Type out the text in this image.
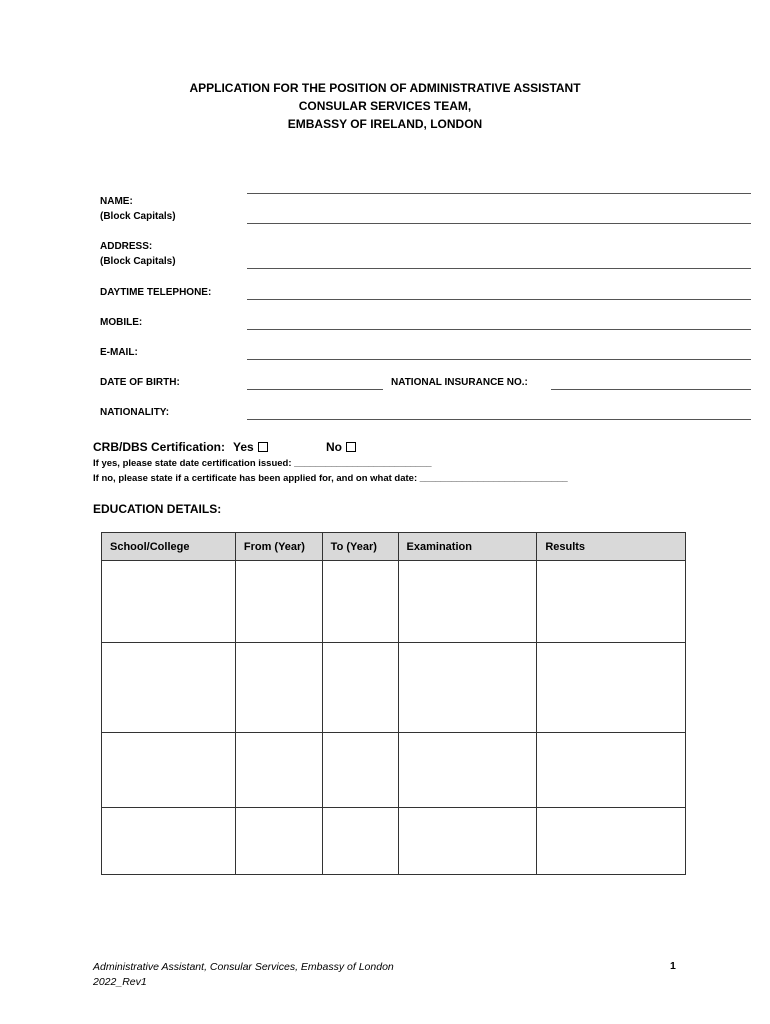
APPLICATION FOR THE POSITION OF ADMINISTRATIVE ASSISTANT
CONSULAR SERVICES TEAM,
EMBASSY OF IRELAND, LONDON
NAME:
(Block Capitals)
ADDRESS:
(Block Capitals)
DAYTIME TELEPHONE:
MOBILE:
E-MAIL:
DATE OF BIRTH:	NATIONAL INSURANCE NO.:
NATIONALITY:
CRB/DBS Certification: Yes	No
If yes, please state date certification issued: __________________________
If no, please state if a certificate has been applied for, and on what date: ____________________________
EDUCATION DETAILS:
School/College	From (Year)	To (Year)	Examination	Results

Administrative Assistant, Consular Services, Embassy of London
2022_Rev1
1
